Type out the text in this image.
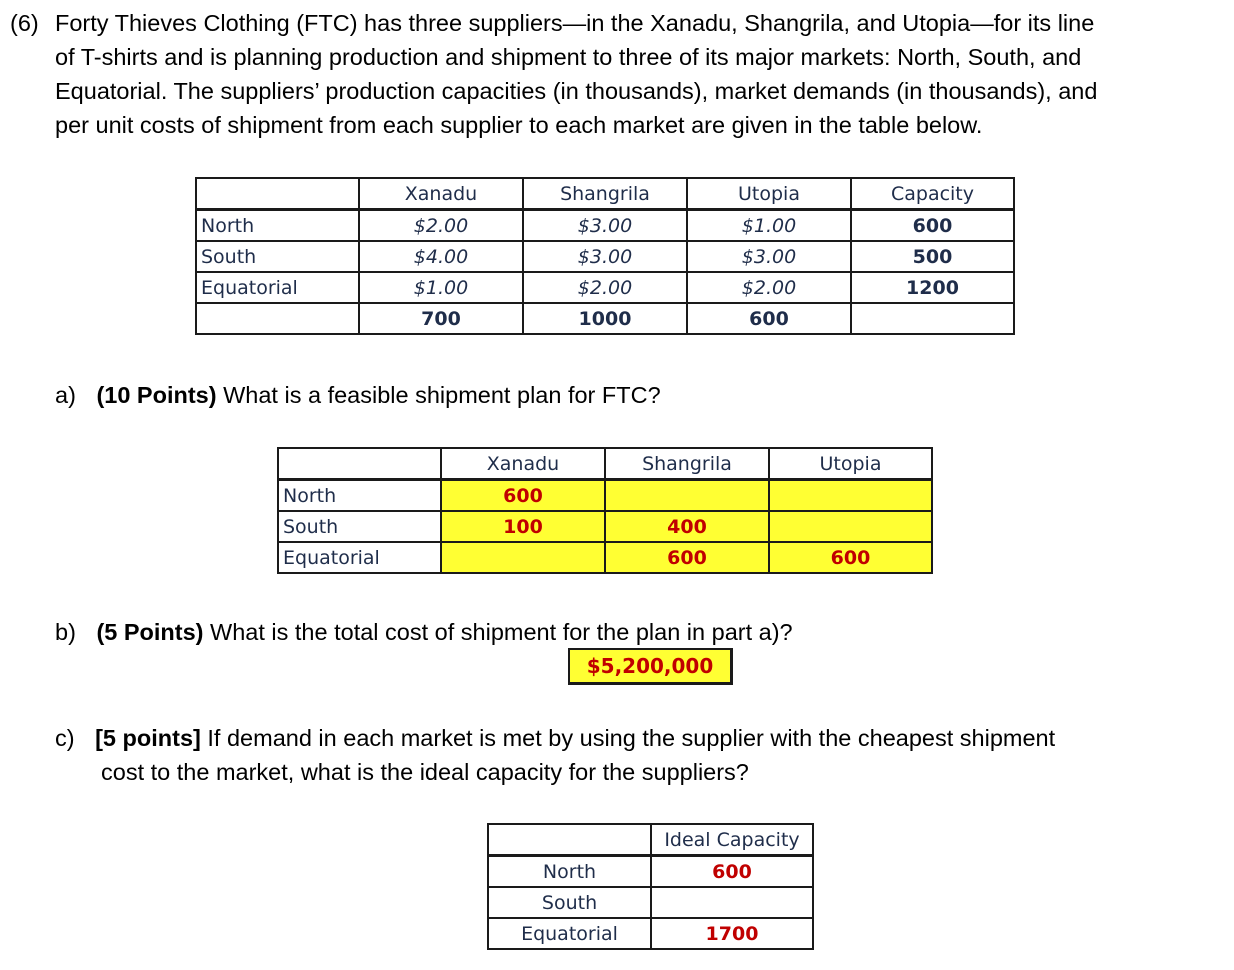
(6) Forty Thieves Clothing (FTC) has three suppliers—in the Xanadu, Shangrila, and Utopia—for its line

of T-shirts and is planning production and shipment to three of its major markets: North, South, and

Equatorial. The suppliers’ production capacities (in thousands), market demands (in thousands), and

per unit costs of shipment from each supplier to each market are given in the table below.

	Xanadu	Shangrila	Utopia	Capacity
North	$2.00	$3.00	$1.00	600
South	$4.00	$3.00	$3.00	500
Equatorial	$1.00	$2.00	$2.00	1200
	700	1000	600	
a) (10 Points) What is a feasible shipment plan for FTC?
	Xanadu	Shangrila	Utopia
North	600		
South	100	400	
Equatorial		600	600
b) (5 Points) What is the total cost of shipment for the plan in part a)?
$5,200,000
c) [5 points] If demand in each market is met by using the supplier with the cheapest shipment

cost to the market, what is the ideal capacity for the suppliers?

	Ideal Capacity
North	600
South	
Equatorial	1700
